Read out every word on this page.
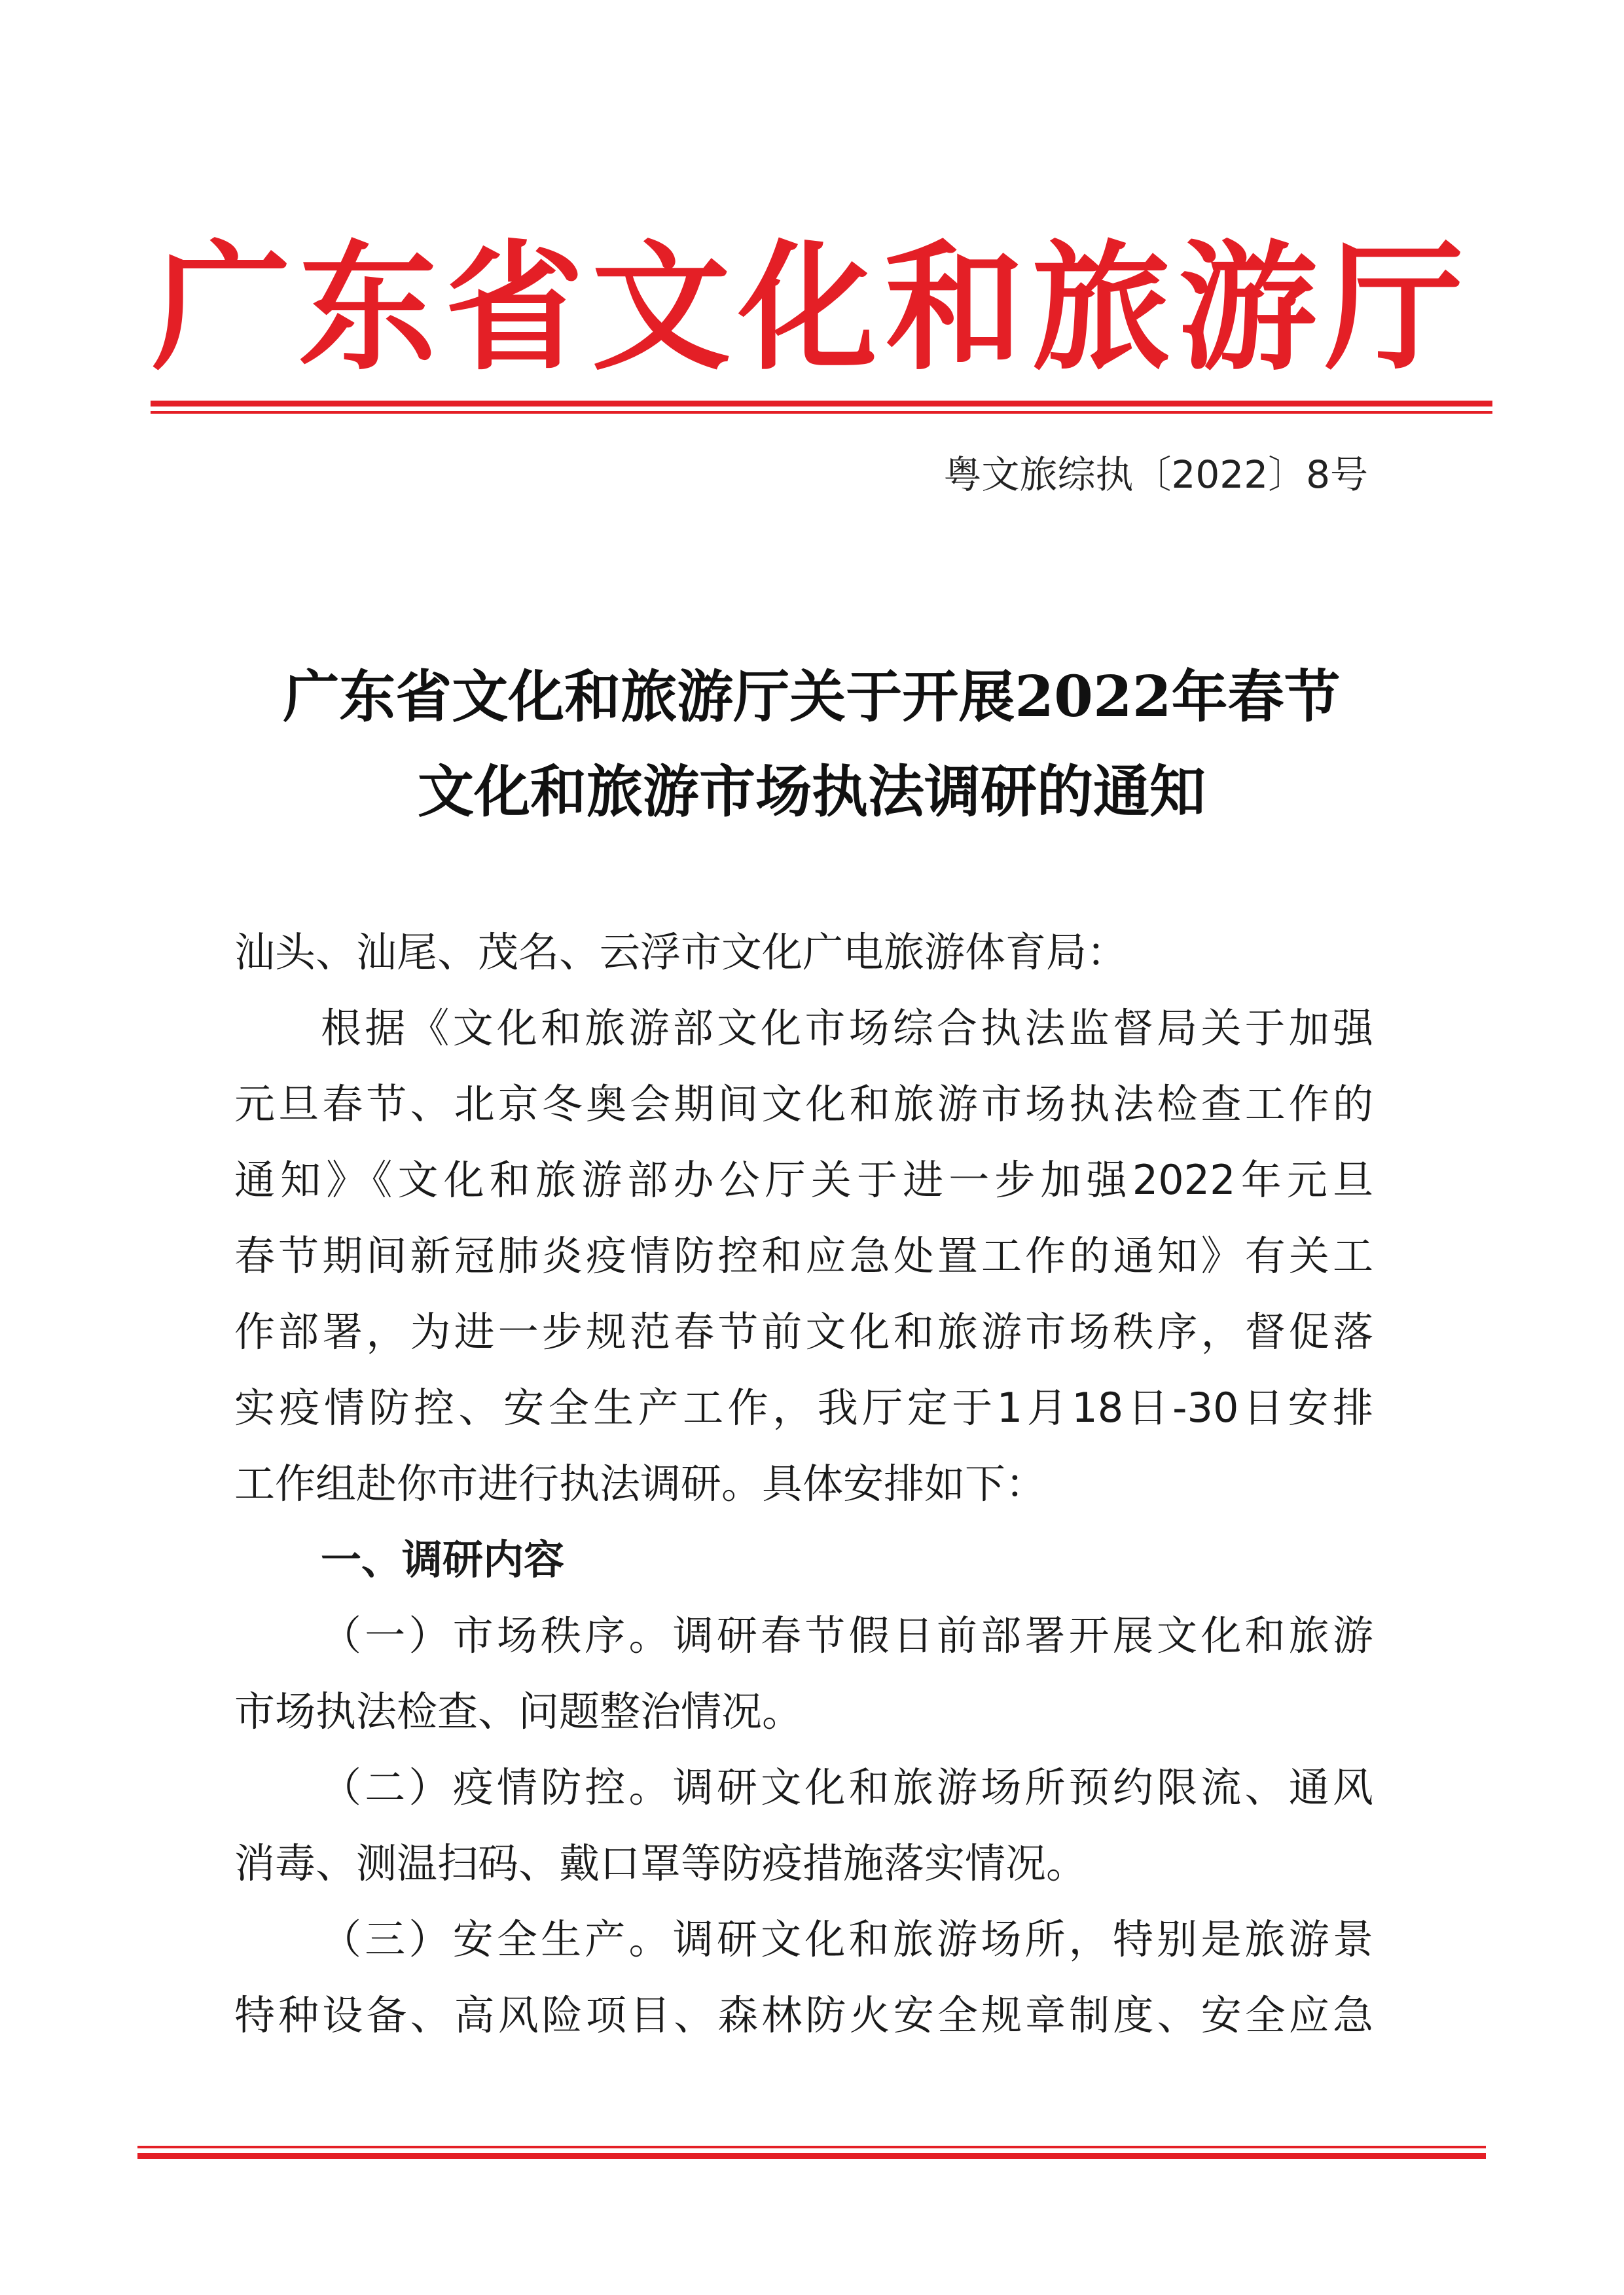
广东省文化和旅游厅
粤文旅综执〔2022〕8号
广东省文化和旅游厅关于开展2022年春节
文化和旅游市场执法调研的通知
汕头、汕尾、茂名、云浮市文化广电旅游体育局：
根据《文化和旅游部文化市场综合执法监督局关于加强
元旦春节、北京冬奥会期间文化和旅游市场执法检查工作的
通知》《文化和旅游部办公厅关于进一步加强2022年元旦
春节期间新冠肺炎疫情防控和应急处置工作的通知》有关工
作部署，为进一步规范春节前文化和旅游市场秩序，督促落
实疫情防控、安全生产工作，我厅定于1月18日-30日安排
工作组赴你市进行执法调研。具体安排如下：
一、调研内容
（一）市场秩序。调研春节假日前部署开展文化和旅游
市场执法检查、问题整治情况。
（二）疫情防控。调研文化和旅游场所预约限流、通风
消毒、测温扫码、戴口罩等防疫措施落实情况。
（三）安全生产。调研文化和旅游场所，特别是旅游景
特种设备、高风险项目、森林防火安全规章制度、安全应急
